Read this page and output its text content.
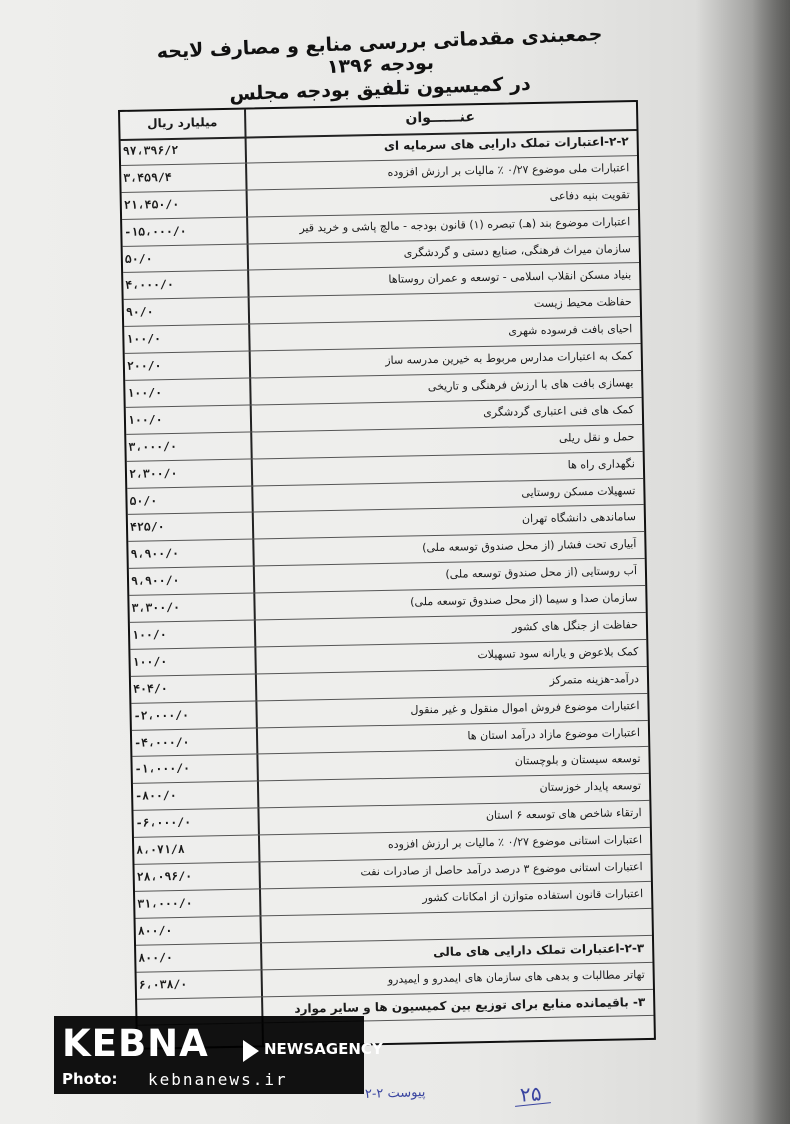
جمعبندی مقدماتی بررسی منابع و مصارف لایحه بودجه ۱۳۹۶
در کمیسیون تلفیق بودجه مجلس
عنــــــوان
میلیارد ریال
۲-۲-اعتبارات تملک دارایی های سرمایه ای
۹۷،۳۹۶/۲
اعتبارات ملی موضوع ۰/۲۷ ٪ مالیات بر ارزش افزوده
۳،۴۵۹/۴
تقویت بنیه دفاعی
۲۱،۴۵۰/۰
اعتبارات موضوع بند (هـ) تبصره (۱) قانون بودجه - مالچ پاشی و خرید قیر
-۱۵،۰۰۰/۰
سازمان میراث فرهنگی، صنایع دستی و گردشگری
۵۰/۰
بنیاد مسکن انقلاب اسلامی - توسعه و عمران روستاها
۴،۰۰۰/۰
حفاظت محیط زیست
۹۰/۰
احیای بافت فرسوده شهری
۱۰۰/۰
کمک به اعتبارات مدارس مربوط به خیرین مدرسه ساز
۲۰۰/۰
بهسازی بافت های با ارزش فرهنگی و تاریخی
۱۰۰/۰
کمک های فنی اعتباری گردشگری
۱۰۰/۰
حمل و نقل ریلی
۳،۰۰۰/۰
نگهداری راه ها
۲،۳۰۰/۰
تسهیلات مسکن روستایی
۵۰/۰
ساماندهی دانشگاه تهران
۴۲۵/۰
آبیاری تحت فشار (از محل صندوق توسعه ملی)
۹،۹۰۰/۰
آب روستایی (از محل صندوق توسعه ملی)
۹،۹۰۰/۰
سازمان صدا و سیما (از محل صندوق توسعه ملی)
۳،۳۰۰/۰
حفاظت از جنگل های کشور
۱۰۰/۰
کمک بلاعوض و یارانه سود تسهیلات
۱۰۰/۰
درآمد-هزینه متمرکز
۴۰۴/۰
اعتبارات موضوع فروش اموال منقول و غیر منقول
-۲،۰۰۰/۰
اعتبارات موضوع مازاد درآمد استان ها
-۴،۰۰۰/۰
توسعه سیستان و بلوچستان
-۱،۰۰۰/۰
توسعه پایدار خوزستان
-۸۰۰/۰
ارتقاء شاخص های توسعه ۶ استان
-۶،۰۰۰/۰
اعتبارات استانی موضوع ۰/۲۷ ٪ مالیات بر ارزش افزوده
۸،۰۷۱/۸
اعتبارات استانی موضوع ۳ درصد درآمد حاصل از صادرات نفت
۲۸،۰۹۶/۰
اعتبارات قانون استفاده متوازن از امکانات کشور
۳۱،۰۰۰/۰
۸۰۰/۰
۲-۳-اعتبارات تملک دارایی های مالی
۸۰۰/۰
تهاتر مطالبات و بدهی های سازمان های ایمدرو و ایمیدرو
۶،۰۳۸/۰
۳- باقیمانده منابع برای توزیع بین کمیسیون ها و سایر موارد
KEBNA	NEWSAGENCY
Photo: kebnanews.ir
پیوست ۲-۲	۲۵
